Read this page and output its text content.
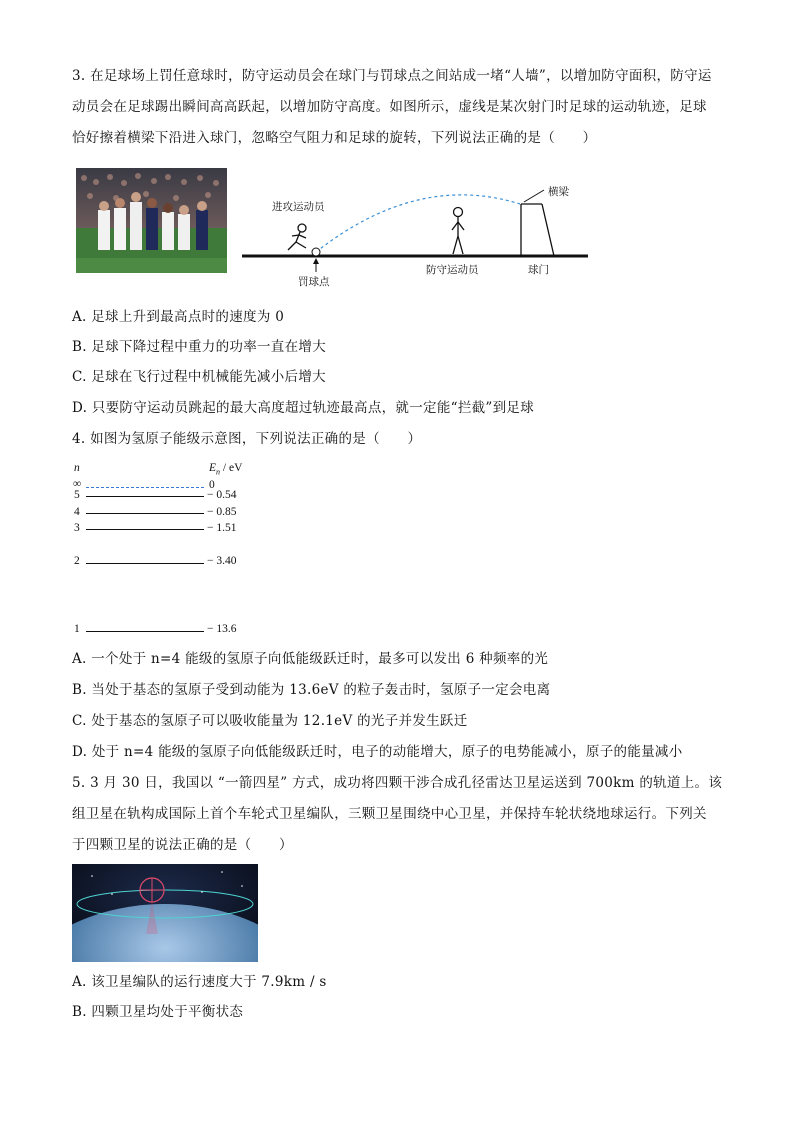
3. 在足球场上罚任意球时，防守运动员会在球门与罚球点之间站成一堵“人墙”，以增加防守面积，防守运
动员会在足球踢出瞬间高高跃起，以增加防守高度。如图所示，虚线是某次射门时足球的运动轨迹，足球
恰好擦着横梁下沿进入球门，忽略空气阻力和足球的旋转，下列说法正确的是（　　）
进攻运动员
罚球点
防守运动员	球门
横梁
A. 足球上升到最高点时的速度为 0
B. 足球下降过程中重力的功率一直在增大
C. 足球在飞行过程中机械能先减小后增大
D. 只要防守运动员跳起的最大高度超过轨迹最高点，就一定能“拦截”到足球
4. 如图为氢原子能级示意图，下列说法正确的是（　　）
n	$E_n$ / eV
∞	0
5	− 0.54
4	− 0.85
3	− 1.51
2	− 3.40
1	− 13.6
A. 一个处于 n=4 能级的氢原子向低能级跃迁时，最多可以发出 6 种频率的光
B. 当处于基态的氢原子受到动能为 13.6eV 的粒子轰击时，氢原子一定会电离
C. 处于基态的氢原子可以吸收能量为 12.1eV 的光子并发生跃迁
D. 处于 n=4 能级的氢原子向低能级跃迁时，电子的动能增大，原子的电势能减小，原子的能量减小
5. 3 月 30 日，我国以 “一箭四星” 方式，成功将四颗干涉合成孔径雷达卫星运送到 700km 的轨道上。该
组卫星在轨构成国际上首个车轮式卫星编队，三颗卫星围绕中心卫星，并保持车轮状绕地球运行。下列关
于四颗卫星的说法正确的是（　　）
A. 该卫星编队的运行速度大于 7.9km / s
B. 四颗卫星均处于平衡状态
